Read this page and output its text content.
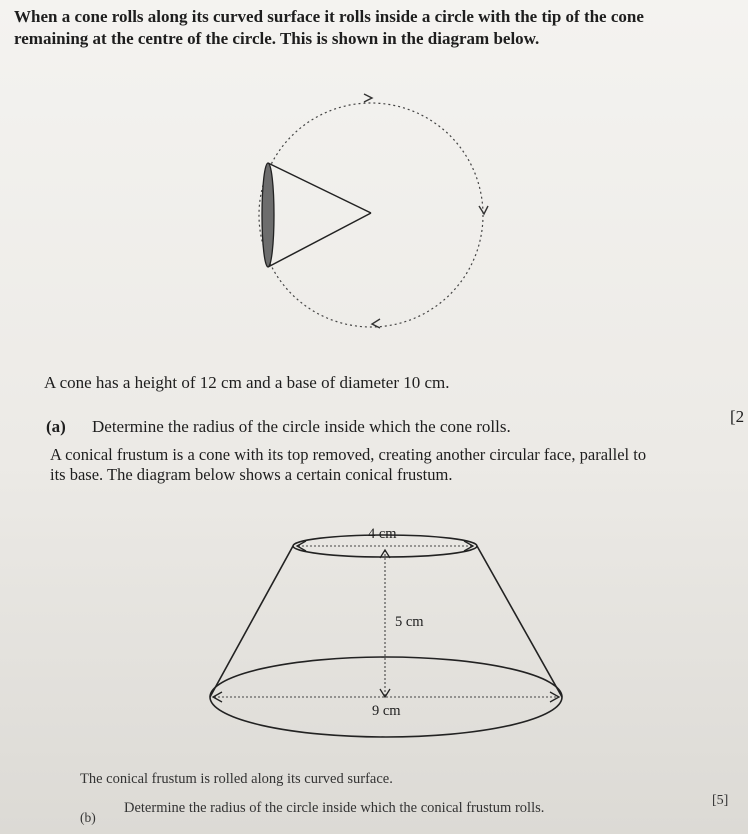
When a cone rolls along its curved surface it rolls inside a circle with the tip of the cone
remaining at the centre of the circle. This is shown in the diagram below.
4 cm
5 cm
9 cm
A cone has a height of 12 cm and a base of diameter 10 cm.
(a) Determine the radius of the circle inside which the cone rolls.
[2
A conical frustum is a cone with its top removed, creating another circular face, parallel to
its base. The diagram below shows a certain conical frustum.
The conical frustum is rolled along its curved surface.
(b)
Determine the radius of the circle inside which the conical frustum rolls.	[5]
